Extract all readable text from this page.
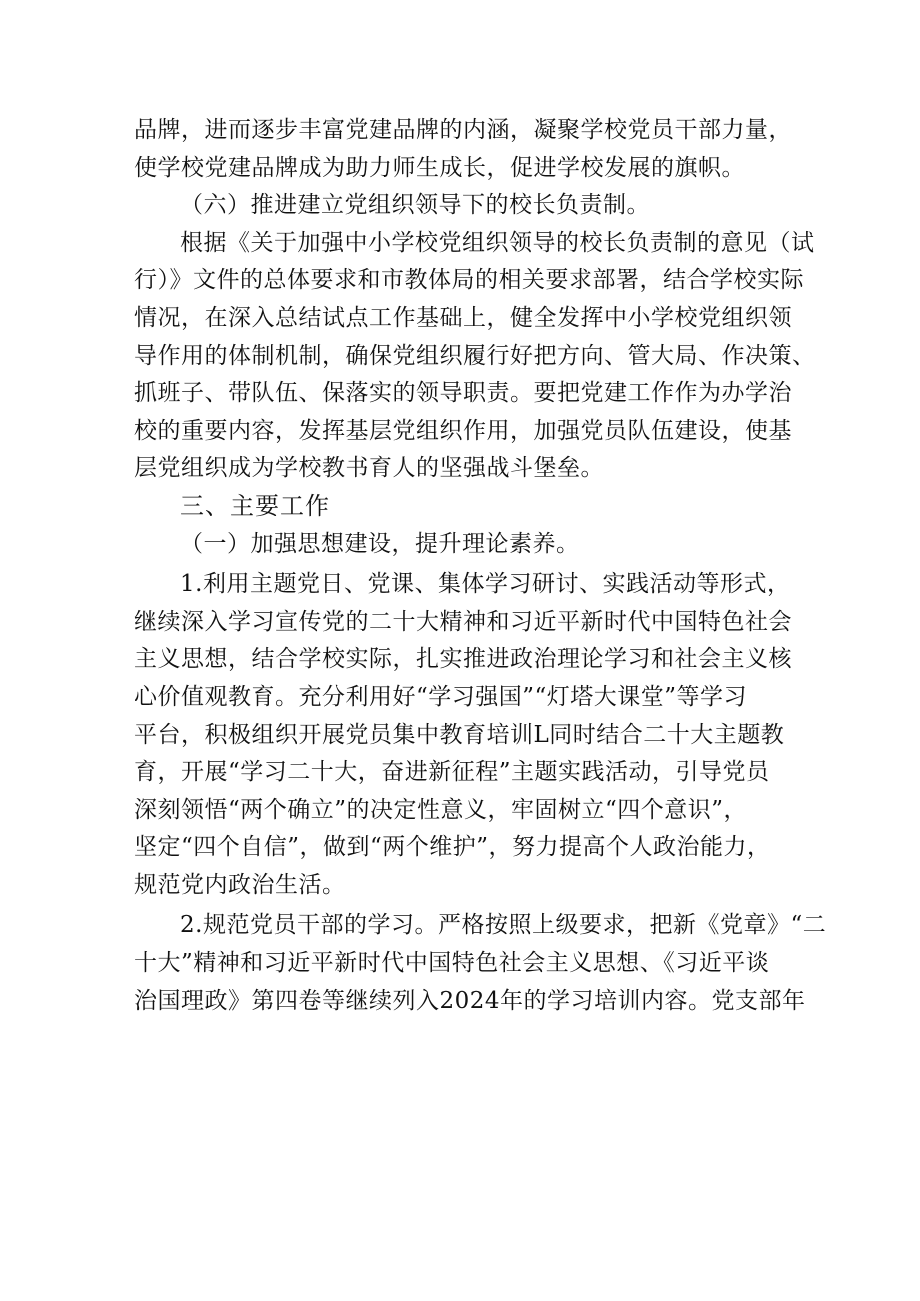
品牌，进而逐步丰富党建品牌的内涵，凝聚学校党员干部力量，
使学校党建品牌成为助力师生成长，促进学校发展的旗帜。
（六）推进建立党组织领导下的校长负责制。
根据《关于加强中小学校党组织领导的校长负责制的意见（试
行）》文件的总体要求和市教体局的相关要求部署，结合学校实际
情况，在深入总结试点工作基础上，健全发挥中小学校党组织领
导作用的体制机制，确保党组织履行好把方向、管大局、作决策、
抓班子、带队伍、保落实的领导职责。要把党建工作作为办学治
校的重要内容，发挥基层党组织作用，加强党员队伍建设，使基
层党组织成为学校教书育人的坚强战斗堡垒。
三、主要工作
（一）加强思想建设，提升理论素养。
1.利用主题党日、党课、集体学习研讨、实践活动等形式，
继续深入学习宣传党的二十大精神和习近平新时代中国特色社会
主义思想，结合学校实际，扎实推进政治理论学习和社会主义核
心价值观教育。充分利用好“学习强国”“灯塔大课堂”等学习
平台，积极组织开展党员集中教育培训L同时结合二十大主题教
育，开展“学习二十大，奋进新征程”主题实践活动，引导党员
深刻领悟“两个确立”的决定性意义，牢固树立“四个意识”，
坚定“四个自信”，做到“两个维护”，努力提高个人政治能力，
规范党内政治生活。
2.规范党员干部的学习。严格按照上级要求，把新《党章》“二
十大”精神和习近平新时代中国特色社会主义思想、《习近平谈
治国理政》第四卷等继续列入2024年的学习培训内容。党支部年
